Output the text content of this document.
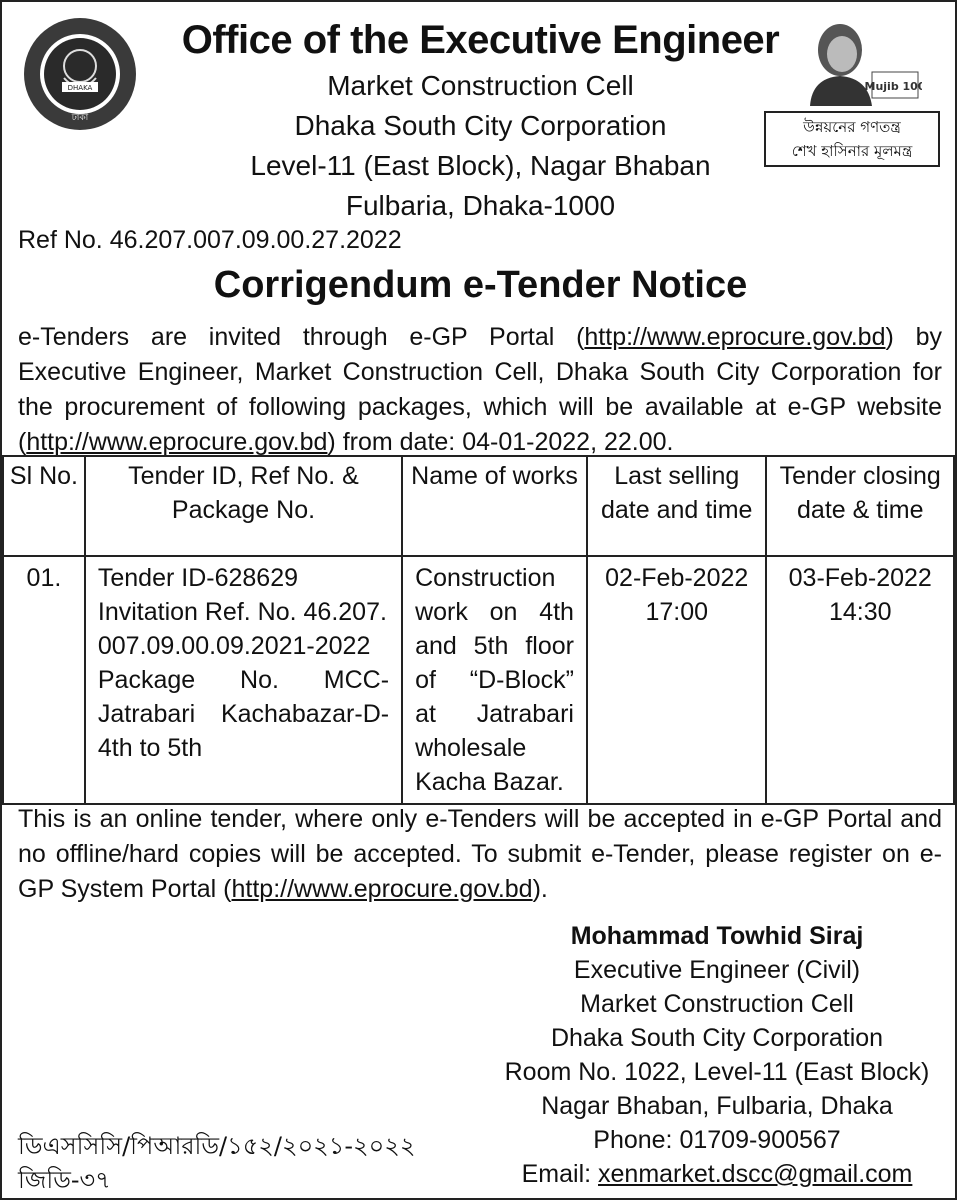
DHAKA
ঢাকা
Office of the Executive Engineer
Market Construction Cell
Dhaka South City Corporation
Level-11 (East Block), Nagar Bhaban
Fulbaria, Dhaka-1000
Mujib 100
উন্নয়নের গণতন্ত্র
শেখ হাসিনার মূলমন্ত্র
Ref No. 46.207.007.09.00.27.2022
Corrigendum e-Tender Notice
e-Tenders are invited through e-GP Portal (http://www.eprocure.gov.bd) by Executive Engineer, Market Construction Cell, Dhaka South City Corporation for the procurement of following packages, which will be available at e-GP website
(http://www.eprocure.gov.bd) from date: 04-01-2022, 22.00.
Sl No.	Tender ID, Ref No. & Package No.	Name of works	Last selling date and time	Tender closing date & time
01.	Tender ID-628629
Invitation Ref. No. 46.207.007.09.00.09.2021-2022
Package No. MCC-Jatrabari Kachabazar-D-4th to 5th	Construction work on 4th and 5th floor of “D-Block” at Jatrabari wholesale Kacha Bazar.	02-Feb-2022 17:00	03-Feb-2022 14:30
This is an online tender, where only e-Tenders will be accepted in e-GP Portal and no offline/hard copies will be accepted. To submit e-Tender, please register on e-GP System Portal (http://www.eprocure.gov.bd).
Mohammad Towhid Siraj
Executive Engineer (Civil)
Market Construction Cell
Dhaka South City Corporation
Room No. 1022, Level-11 (East Block)
Nagar Bhaban, Fulbaria, Dhaka
Phone: 01709-900567
Email: xenmarket.dscc@gmail.com
ডিএসসিসি/পিআরডি/১৫২/২০২১-২০২২
জিডি-৩৭
